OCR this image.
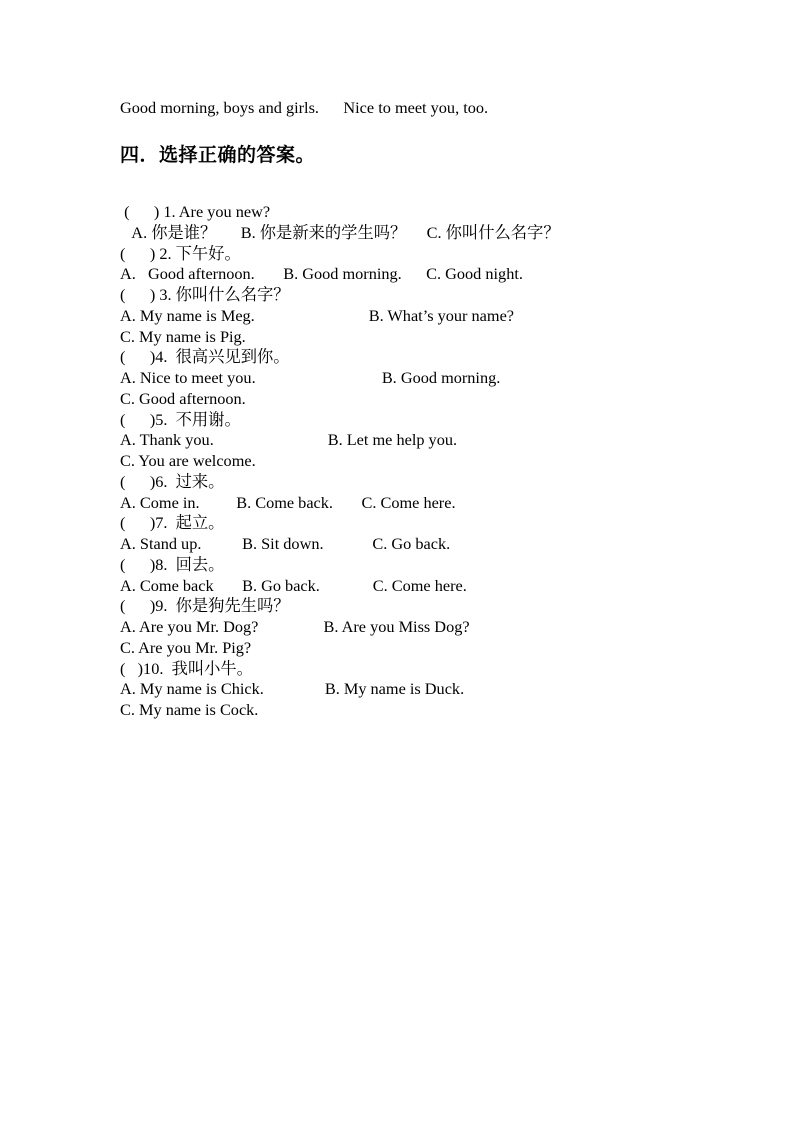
Good morning, boys and girls.      Nice to meet you, too.
四．选择正确的答案。
(      ) 1. Are you new?
A. 你是谁？      B. 你是新来的学生吗？     C. 你叫什么名字？
(      ) 2. 下午好。
A.   Good afternoon.       B. Good morning.      C. Good night.
(      ) 3. 你叫什么名字？
A. My name is Meg.                            B. What’s your name?
C. My name is Pig.
(      )4.  很高兴见到你。
A. Nice to meet you.                               B. Good morning.
C. Good afternoon.
(      )5.  不用谢。
A. Thank you.                            B. Let me help you.
C. You are welcome.
(      )6.  过来。
A. Come in.         B. Come back.       C. Come here.
(      )7.  起立。
A. Stand up.          B. Sit down.            C. Go back.
(      )8.  回去。
A. Come back       B. Go back.             C. Come here.
(      )9.  你是狗先生吗？
A. Are you Mr. Dog?                B. Are you Miss Dog?
C. Are you Mr. Pig?
(   )10.  我叫小牛。
A. My name is Chick.               B. My name is Duck.
C. My name is Cock.
